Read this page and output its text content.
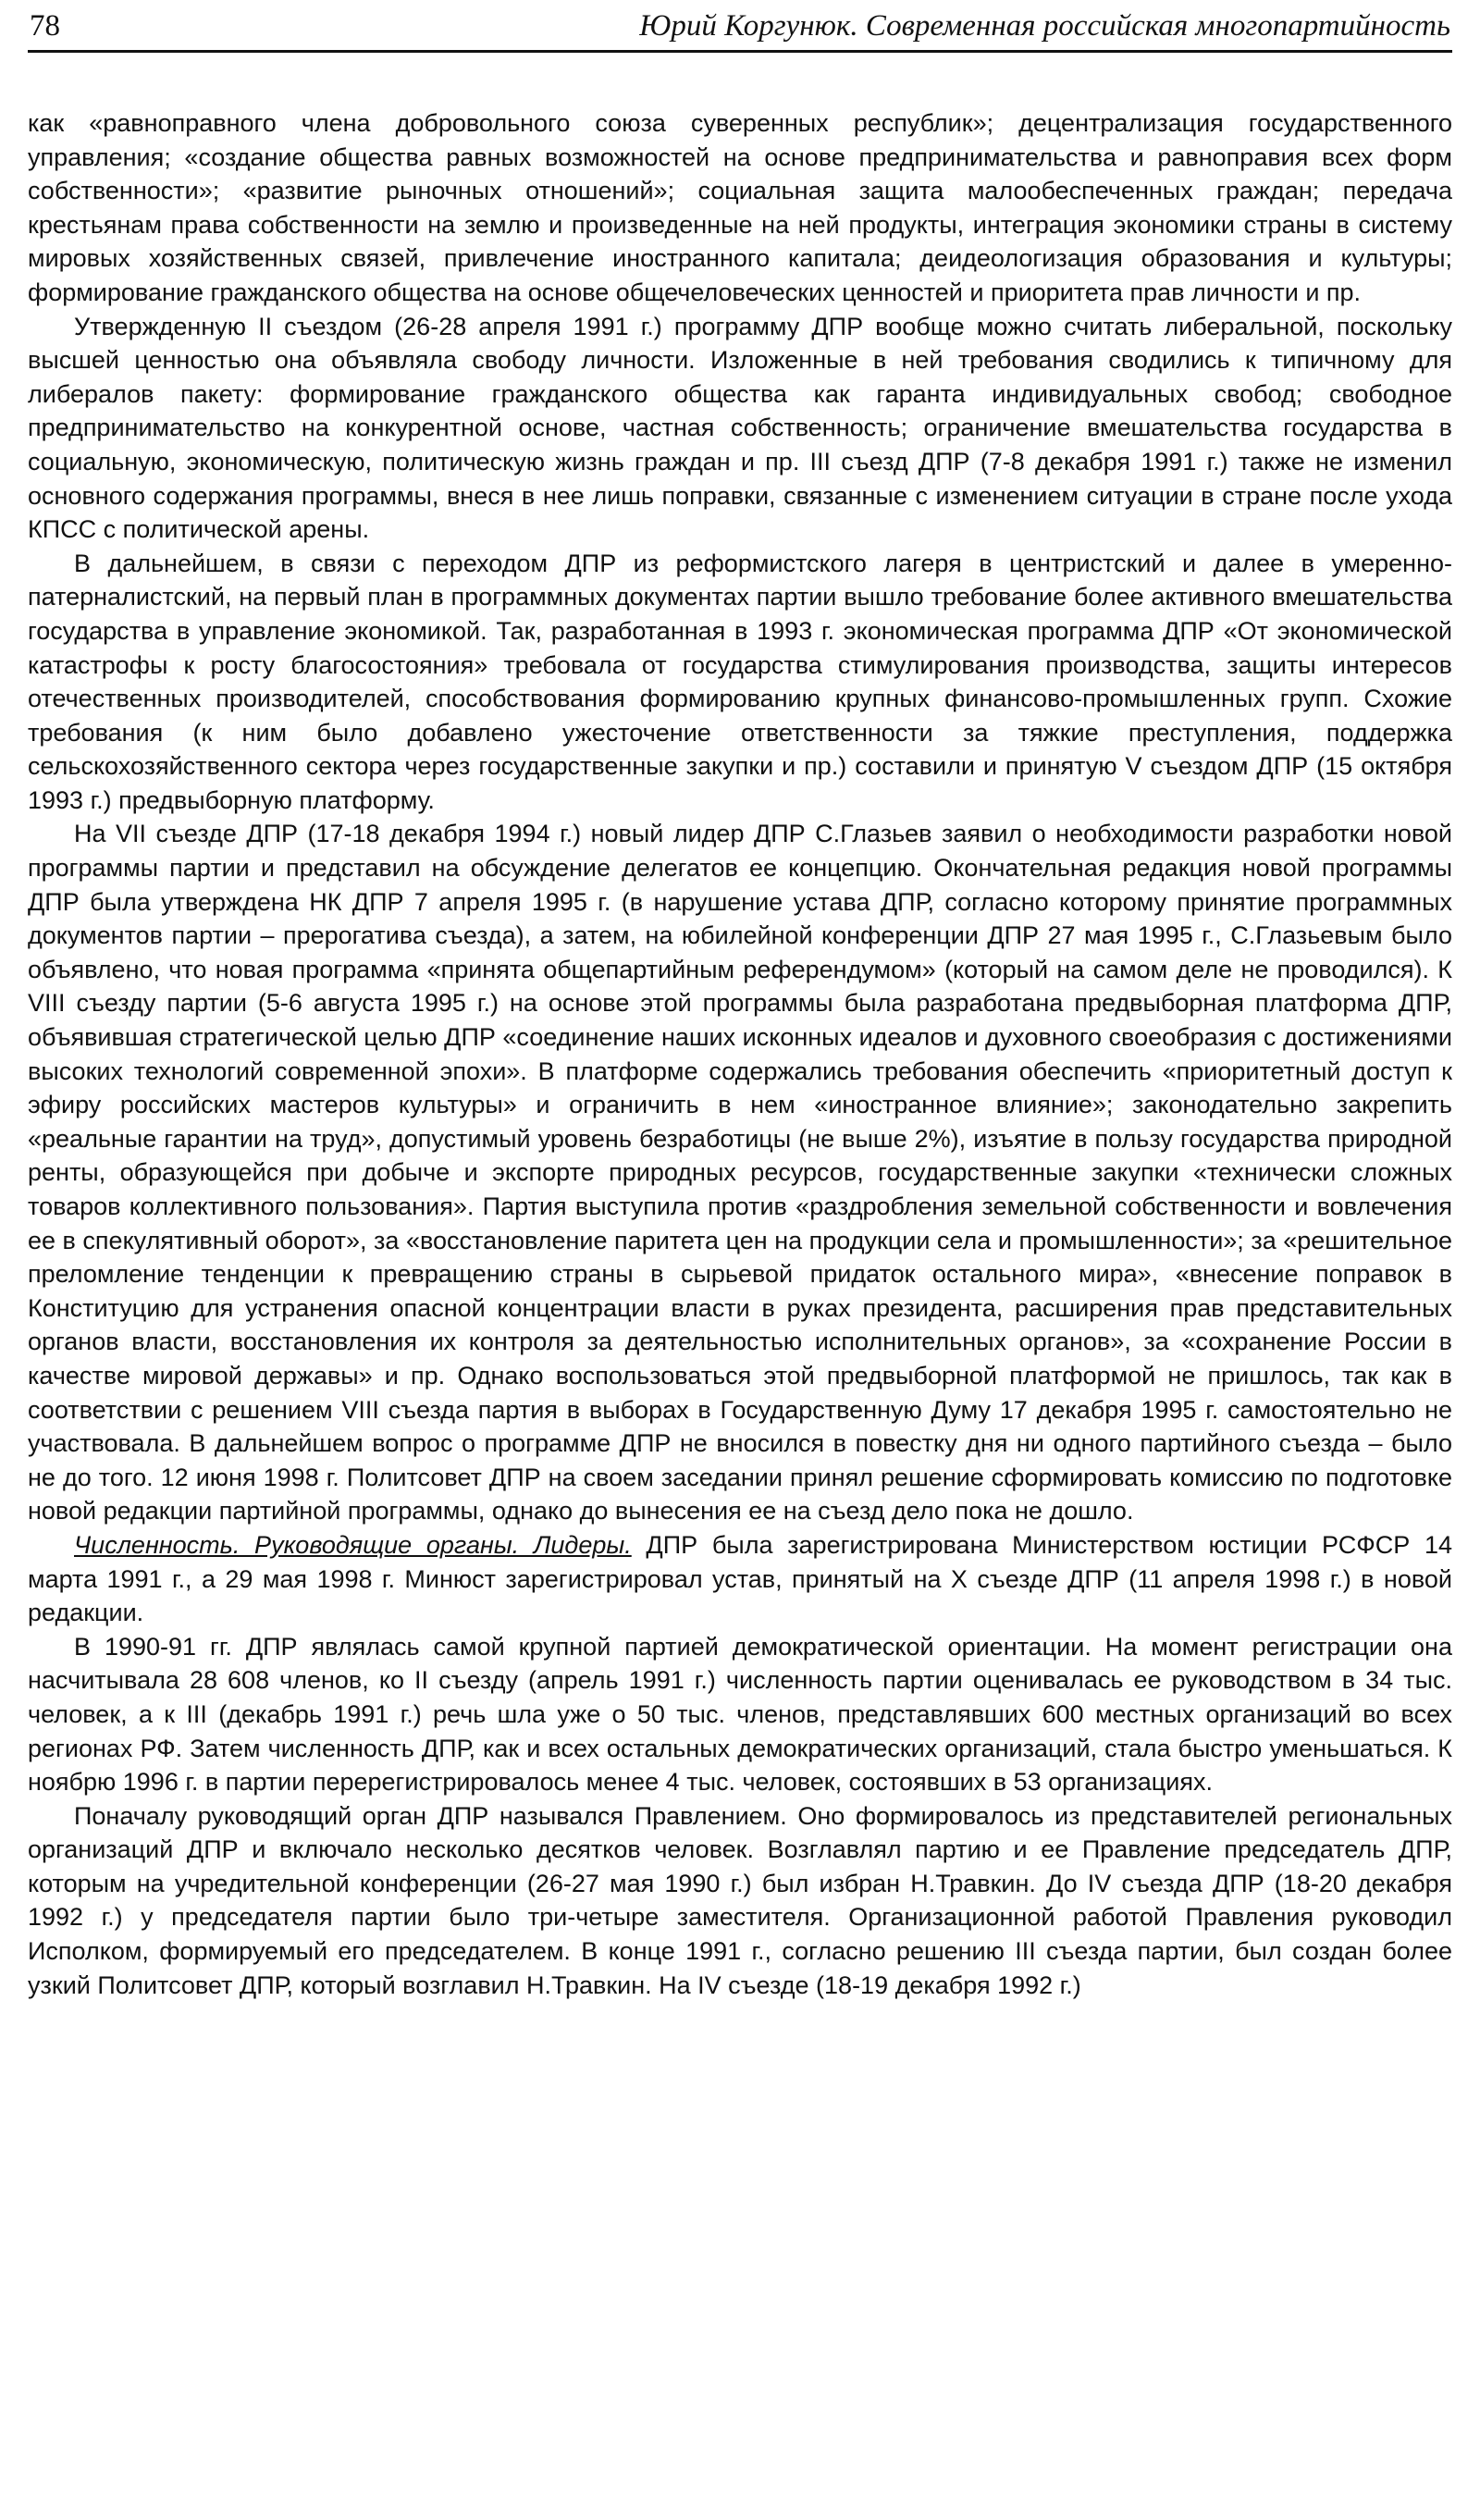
78	Юрий Коргунюк. Современная российская многопартийность

как «равноправного члена добровольного союза суверенных республик»; децентрализация государственного управления; «создание общества равных возможностей на основе предпринимательства и равноправия всех форм собственности»; «развитие рыночных отношений»; социальная защита малообеспеченных граждан; передача крестьянам права собственности на землю и произведенные на ней продукты, интеграция экономики страны в систему мировых хозяйственных связей, привлечение иностранного капитала; деидеологизация образования и культуры; формирование гражданского общества на основе общечеловеческих ценностей и приоритета прав личности и пр.

Утвержденную II съездом (26-28 апреля 1991 г.) программу ДПР вообще можно считать либеральной, поскольку высшей ценностью она объявляла свободу личности. Изложенные в ней требования сводились к типичному для либералов пакету: формирование гражданского общества как гаранта индивидуальных свобод; свободное предпринимательство на конкурентной основе, частная собственность; ограничение вмешательства государства в социальную, экономическую, политическую жизнь граждан и пр. III съезд ДПР (7-8 декабря 1991 г.) также не изменил основного содержания программы, внеся в нее лишь поправки, связанные с изменением ситуации в стране после ухода КПСС с политической арены.

В дальнейшем, в связи с переходом ДПР из реформистского лагеря в центристский и далее в умеренно-патерналистский, на первый план в программных документах партии вышло требование более активного вмешательства государства в управление экономикой. Так, разработанная в 1993 г. экономическая программа ДПР «От экономической катастрофы к росту благосостояния» требовала от государства стимулирования производства, защиты интересов отечественных производителей, способствования формированию крупных финансово-промышленных групп. Схожие требования (к ним было добавлено ужесточение ответственности за тяжкие преступления, поддержка сельскохозяйственного сектора через государственные закупки и пр.) составили и принятую V съездом ДПР (15 октября 1993 г.) предвыборную платформу.

На VII съезде ДПР (17-18 декабря 1994 г.) новый лидер ДПР С.Глазьев заявил о необходимости разработки новой программы партии и представил на обсуждение делегатов ее концепцию. Окончательная редакция новой программы ДПР была утверждена НК ДПР 7 апреля 1995 г. (в нарушение устава ДПР, согласно которому принятие программных документов партии – прерогатива съезда), а затем, на юбилейной конференции ДПР 27 мая 1995 г., С.Глазьевым было объявлено, что новая программа «принята общепартийным референдумом» (который на самом деле не проводился). К VIII съезду партии (5-6 августа 1995 г.) на основе этой программы была разработана предвыборная платформа ДПР, объявившая стратегической целью ДПР «соединение наших исконных идеалов и духовного своеобразия с достижениями высоких технологий современной эпохи». В платформе содержались требования обеспечить «приоритетный доступ к эфиру российских мастеров культуры» и ограничить в нем «иностранное влияние»; законодательно закрепить «реальные гарантии на труд», допустимый уровень безработицы (не выше 2%), изъятие в пользу государства природной ренты, образующейся при добыче и экспорте природных ресурсов, государственные закупки «технически сложных товаров коллективного пользования». Партия выступила против «раздробления земельной собственности и вовлечения ее в спекулятивный оборот», за «восстановление паритета цен на продукции села и промышленности»; за «решительное преломление тенденции к превращению страны в сырьевой придаток остального мира», «внесение поправок в Конституцию для устранения опасной концентрации власти в руках президента, расширения прав представительных органов власти, восстановления их контроля за деятельностью исполнительных органов», за «сохранение России в качестве мировой державы» и пр. Однако воспользоваться этой предвыборной платформой не пришлось, так как в соответствии с решением VIII съезда партия в выборах в Государственную Думу 17 декабря 1995 г. самостоятельно не участвовала. В дальнейшем вопрос о программе ДПР не вносился в повестку дня ни одного партийного съезда – было не до того. 12 июня 1998 г. Политсовет ДПР на своем заседании принял решение сформировать комиссию по подготовке новой редакции партийной программы, однако до вынесения ее на съезд дело пока не дошло.

Численность. Руководящие органы. Лидеры. ДПР была зарегистрирована Министерством юстиции РСФСР 14 марта 1991 г., а 29 мая 1998 г. Минюст зарегистрировал устав, принятый на X съезде ДПР (11 апреля 1998 г.) в новой редакции.

В 1990-91 гг. ДПР являлась самой крупной партией демократической ориентации. На момент регистрации она насчитывала 28 608 членов, ко II съезду (апрель 1991 г.) численность партии оценивалась ее руководством в 34 тыс. человек, а к III (декабрь 1991 г.) речь шла уже о 50 тыс. членов, представлявших 600 местных организаций во всех регионах РФ. Затем численность ДПР, как и всех остальных демократических организаций, стала быстро уменьшаться. К ноябрю 1996 г. в партии перерегистрировалось менее 4 тыс. человек, состоявших в 53 организациях.

Поначалу руководящий орган ДПР назывался Правлением. Оно формировалось из представителей региональных организаций ДПР и включало несколько десятков человек. Возглавлял партию и ее Правление председатель ДПР, которым на учредительной конференции (26-27 мая 1990 г.) был избран Н.Травкин. До IV съезда ДПР (18-20 декабря 1992 г.) у председателя партии было три-четыре заместителя. Организационной работой Правления руководил Исполком, формируемый его председателем. В конце 1991 г., согласно решению III съезда партии, был создан более узкий Политсовет ДПР, который возглавил Н.Травкин. На IV съезде (18-19 декабря 1992 г.)
